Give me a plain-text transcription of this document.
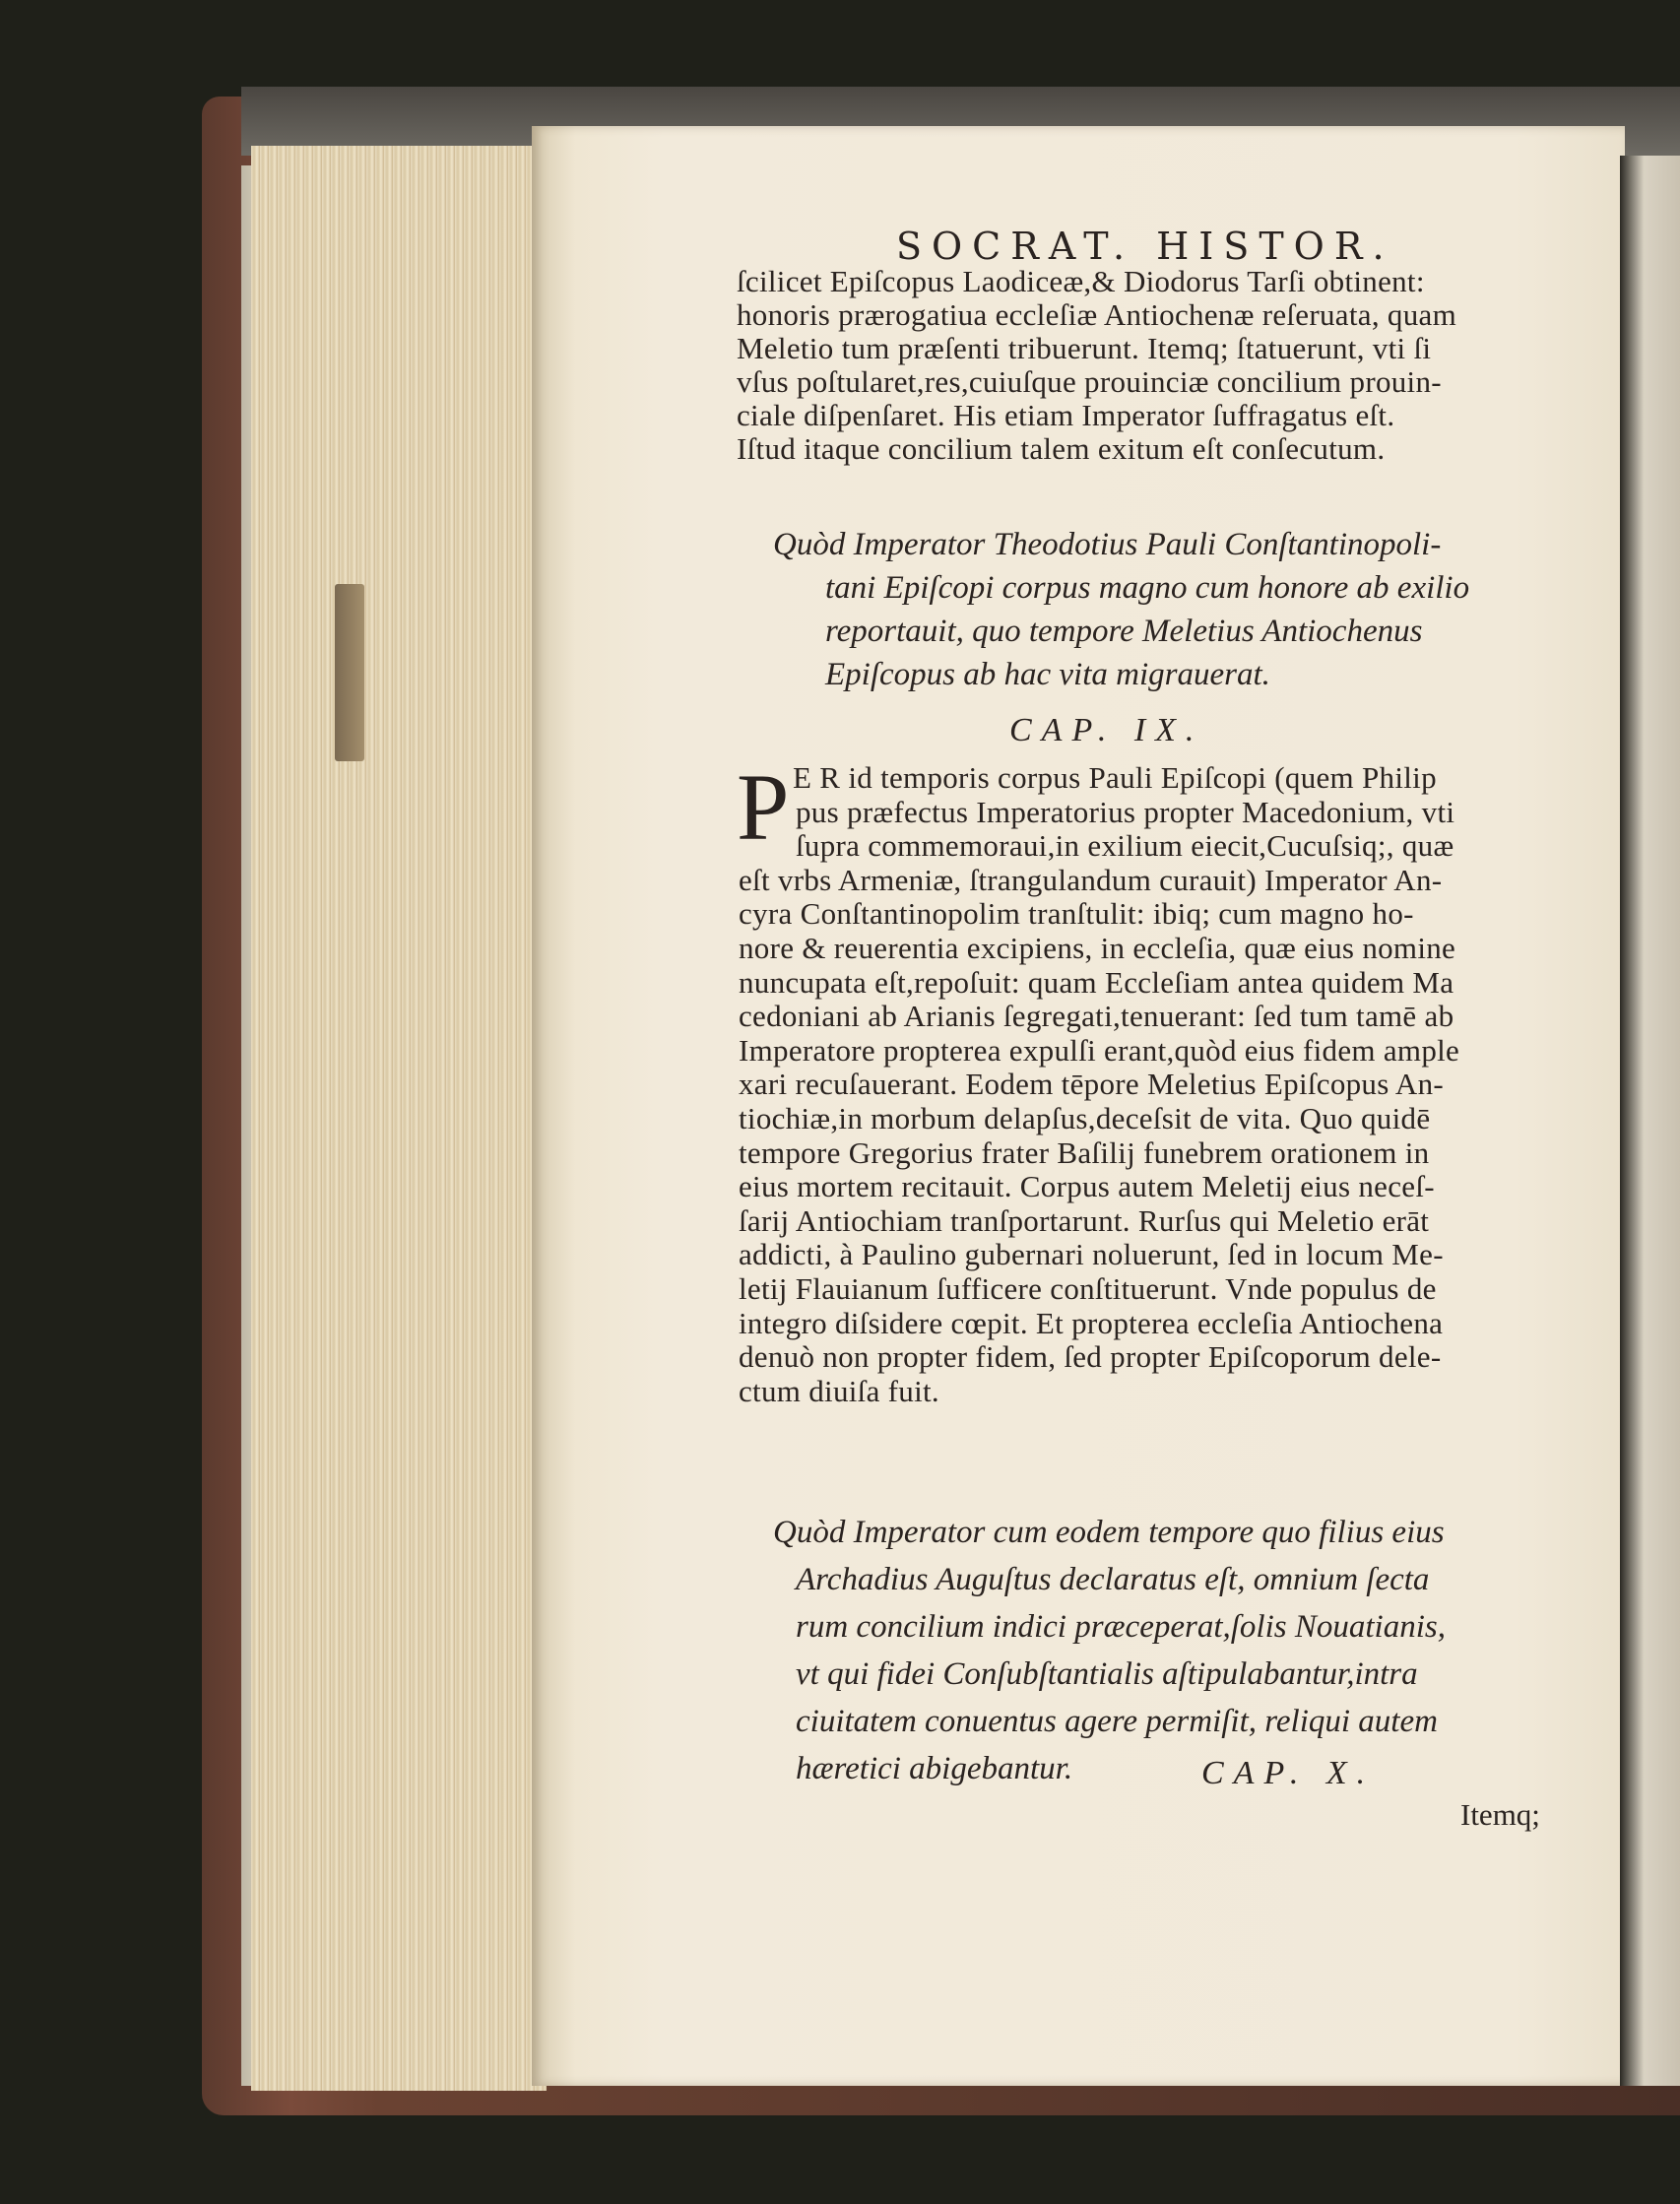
SOCRAT. HISTOR.
ſcilicet Epiſcopus Laodiceæ,& Diodorus Tarſi obtinent:
honoris prærogatiua eccleſiæ Antiochenæ reſeruata, quam
Meletio tum præſenti tribuerunt. Itemq; ſtatuerunt, vti ſi
vſus poſtularet,res,cuiuſque prouinciæ concilium prouin-
ciale diſpenſaret. His etiam Imperator ſuffragatus eſt.
Iſtud itaque concilium talem exitum eſt conſecutum.
Quòd Imperator Theodotius Pauli Conſtantinopoli-
tani Epiſcopi corpus magno cum honore ab exilio
reportauit, quo tempore Meletius Antiochenus
Epiſcopus ab hac vita migrauerat.
CAP. IX.
P E R id temporis corpus Pauli Epiſcopi (quem Philip
pus præfectus Imperatorius propter Macedonium, vti
ſupra commemoraui,in exilium eiecit,Cucuſsiq;, quæ
eſt vrbs Armeniæ, ſtrangulandum curauit) Imperator An-
cyra Conſtantinopolim tranſtulit: ibiq; cum magno ho-
nore & reuerentia excipiens, in eccleſia, quæ eius nomine
nuncupata eſt,repoſuit: quam Eccleſiam antea quidem Ma
cedoniani ab Arianis ſegregati,tenuerant: ſed tum tamē ab
Imperatore propterea expulſi erant,quòd eius fidem ample
xari recuſauerant. Eodem tēpore Meletius Epiſcopus An-
tiochiæ,in morbum delapſus,deceſsit de vita. Quo quidē
tempore Gregorius frater Baſilij funebrem orationem in
eius mortem recitauit. Corpus autem Meletij eius neceſ-
ſarij Antiochiam tranſportarunt. Rurſus qui Meletio erāt
addicti, à Paulino gubernari noluerunt, ſed in locum Me-
letij Flauianum ſufficere conſtituerunt. Vnde populus de
integro diſsidere cœpit. Et propterea eccleſia Antiochena
denuò non propter fidem, ſed propter Epiſcoporum dele-
ctum diuiſa fuit.
Quòd Imperator cum eodem tempore quo filius eius
Archadius Auguſtus declaratus eſt, omnium ſecta
rum concilium indici præceperat,ſolis Nouatianis,
vt qui fidei Conſubſtantialis aſtipulabantur,intra
ciuitatem conuentus agere permiſit, reliqui autem
hæretici abigebantur.	CAP. X.
Itemq;
